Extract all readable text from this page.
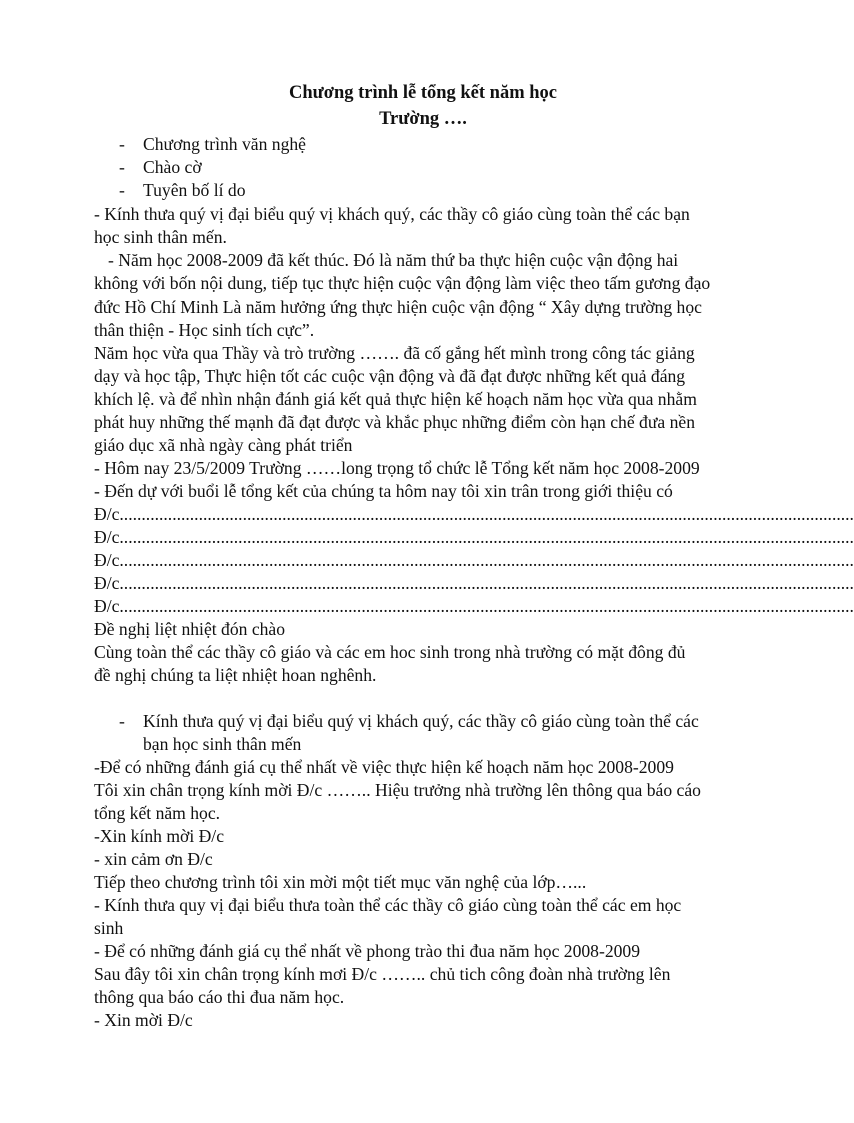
Chương trình lễ tổng kết năm học
Trường ….
- Chương trình văn nghệ
- Chào cờ
- Tuyên bố lí do
- Kính thưa quý vị đại biểu quý vị khách quý, các thầy cô giáo cùng toàn thể các bạn
học sinh thân mến.
- Năm học 2008-2009 đã kết thúc. Đó là năm thứ ba thực hiện cuộc vận động hai
không với bốn nội dung, tiếp tục thực hiện cuộc vận động làm việc theo tấm gương đạo
đức Hồ Chí Minh Là năm hưởng ứng thực hiện cuộc vận động “ Xây dựng trường học
thân thiện - Học sinh tích cực”.
Năm học vừa qua Thầy và trò trường ……. đã cố gắng hết mình trong công tác giảng
dạy và học tập, Thực hiện tốt các cuộc vận động và đã đạt được những kết quả đáng
khích lệ. và để nhìn nhận đánh giá kết quả thực hiện kế hoạch năm học vừa qua nhằm
phát huy những thế mạnh đã đạt được và khắc phục những điểm còn hạn chế đưa nền
giáo dục xã nhà ngày càng phát triển
- Hôm nay 23/5/2009 Trường ……long trọng tổ chức lễ Tổng kết năm học 2008-2009
- Đến dự với buổi lễ tổng kết của chúng ta hôm nay tôi xin trân trong giới thiệu có
Đ/c.......................................................................................................................................................................
Đ/c.......................................................................................................................................................................
Đ/c.......................................................................................................................................................................
Đ/c.......................................................................................................................................................................
Đ/c.......................................................................................................................................................................
Đề nghị liệt nhiệt đón chào
Cùng toàn thể các thầy cô giáo và các em hoc sinh trong nhà trường có mặt đông đủ
đề nghị chúng ta liệt nhiệt hoan nghênh.
- Kính thưa quý vị đại biểu quý vị khách quý, các thầy cô giáo cùng toàn thể các
bạn học sinh thân mến
-Để có những đánh giá cụ thể nhất về việc thực hiện kế hoạch năm học 2008-2009
Tôi xin chân trọng kính mời Đ/c …….. Hiệu trưởng nhà trường lên thông qua báo cáo
tổng kết năm học.
-Xin kính mời Đ/c
- xin cảm ơn Đ/c
Tiếp theo chương trình tôi xin mời một tiết mục văn nghệ của lớp…...
- Kính thưa quy vị đại biểu thưa toàn thể các thầy cô giáo cùng toàn thể các em học
sinh
- Để có những đánh giá cụ thể nhất về phong trào thi đua năm học 2008-2009
Sau đây tôi xin chân trọng kính mơi Đ/c …….. chủ tich công đoàn nhà trường lên
thông qua báo cáo thi đua năm học.
- Xin mời Đ/c
